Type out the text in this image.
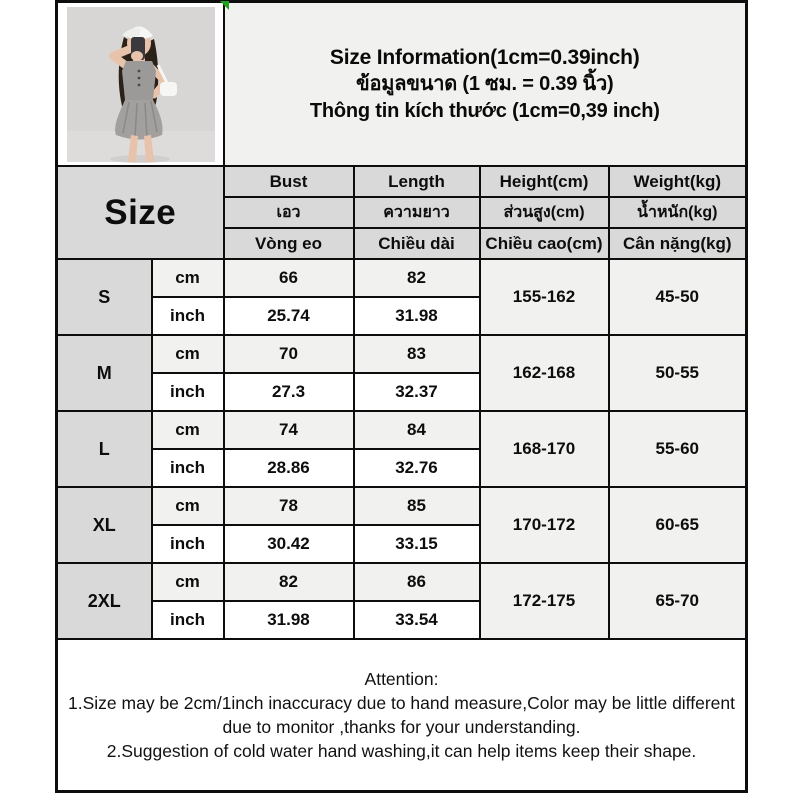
Size Information(1cm=0.39inch)
ข้อมูลขนาด (1 ซม. = 0.39 นิ้ว)
Thông tin kích thước (1cm=0,39 inch)			

Size		Bust	Length	Height(cm)	Weight(kg)
		เอว	ความยาว	ส่วนสูง(cm)	น้ำหนัก(kg)
		Vòng eo	Chiều dài	Chiều cao(cm)	Cân nặng(kg)
S	cm	66	82	155-162	45-50
	inch	25.74	31.98		
M	cm	70	83	162-168	50-55
	inch	27.3	32.37		
L	cm	74	84	168-170	55-60
	inch	28.86	32.76		
XL	cm	78	85	170-172	60-65
	inch	30.42	33.15		
2XL	cm	82	86	172-175	65-70
	inch	31.98	33.54		

Attention:
1.Size may be 2cm/1inch inaccuracy due to hand measure,Color may be little different
due to monitor ,thanks for your understanding.
2.Suggestion of cold water hand washing,it can help items keep their shape.					
